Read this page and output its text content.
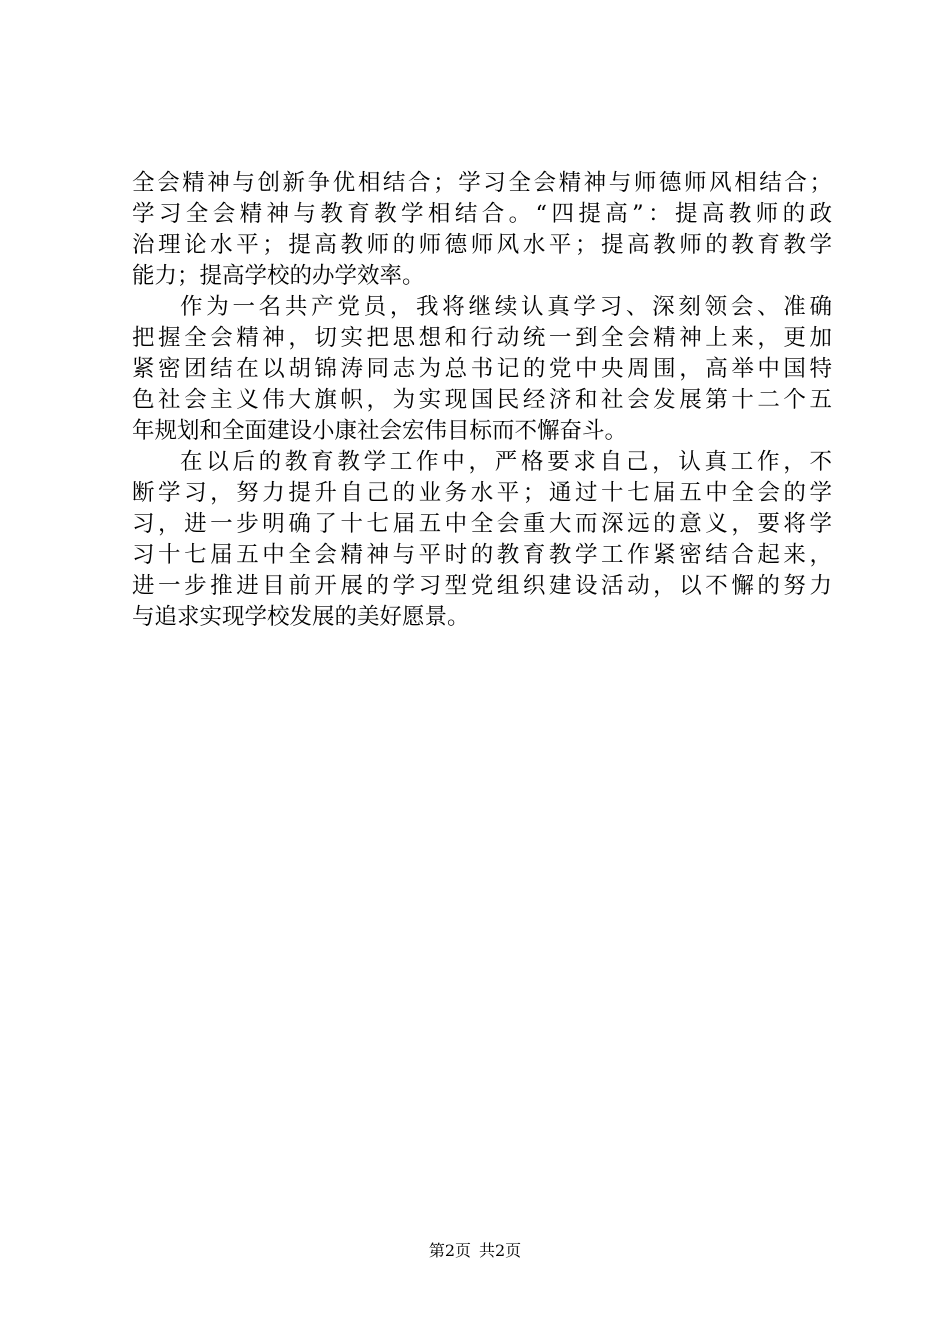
全会精神与创新争优相结合；学习全会精神与师德师风相结合；
学习全会精神与教育教学相结合。“四提高”：提高教师的政
治理论水平；提高教师的师德师风水平；提高教师的教育教学
能力；提高学校的办学效率。
作为一名共产党员，我将继续认真学习、深刻领会、准确
把握全会精神，切实把思想和行动统一到全会精神上来，更加
紧密团结在以胡锦涛同志为总书记的党中央周围，高举中国特
色社会主义伟大旗帜，为实现国民经济和社会发展第十二个五
年规划和全面建设小康社会宏伟目标而不懈奋斗。
在以后的教育教学工作中，严格要求自己，认真工作，不
断学习，努力提升自己的业务水平；通过十七届五中全会的学
习，进一步明确了十七届五中全会重大而深远的意义，要将学
习十七届五中全会精神与平时的教育教学工作紧密结合起来，
进一步推进目前开展的学习型党组织建设活动，以不懈的努力
与追求实现学校发展的美好愿景。
第2页 共2页
